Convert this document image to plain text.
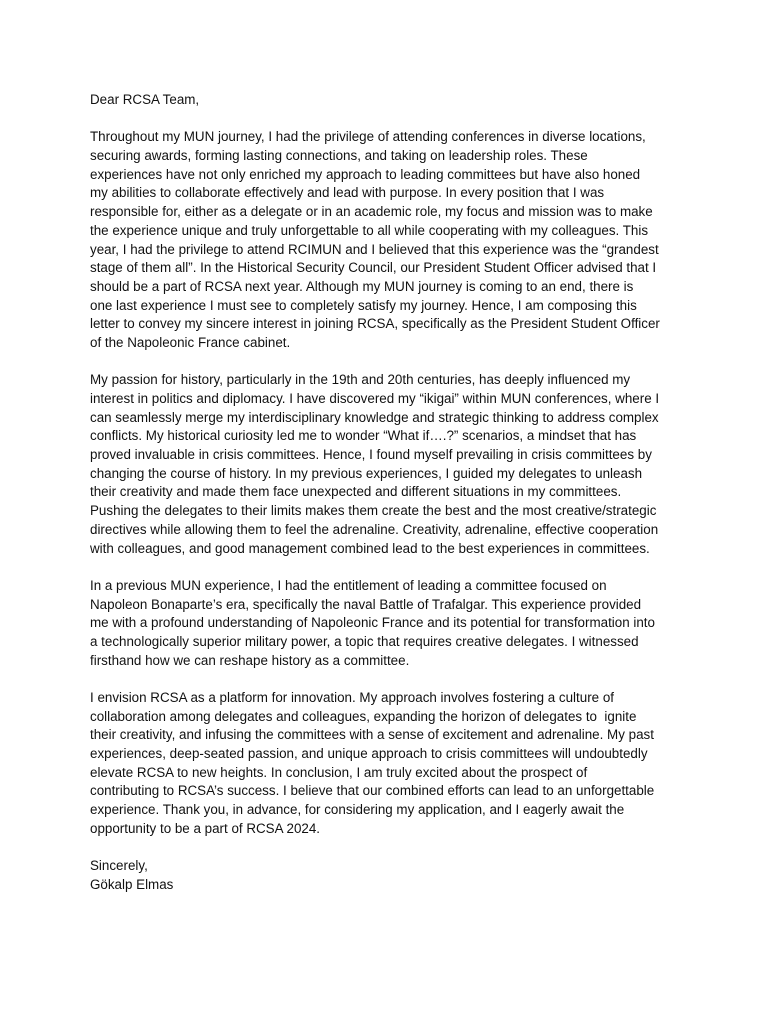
Dear RCSA Team,
Throughout my MUN journey, I had the privilege of attending conferences in diverse locations,
securing awards, forming lasting connections, and taking on leadership roles. These
experiences have not only enriched my approach to leading committees but have also honed
my abilities to collaborate effectively and lead with purpose. In every position that I was
responsible for, either as a delegate or in an academic role, my focus and mission was to make
the experience unique and truly unforgettable to all while cooperating with my colleagues. This
year, I had the privilege to attend RCIMUN and I believed that this experience was the “grandest
stage of them all”. In the Historical Security Council, our President Student Officer advised that I
should be a part of RCSA next year. Although my MUN journey is coming to an end, there is
one last experience I must see to completely satisfy my journey. Hence, I am composing this
letter to convey my sincere interest in joining RCSA, specifically as the President Student Officer
of the Napoleonic France cabinet.
My passion for history, particularly in the 19th and 20th centuries, has deeply influenced my
interest in politics and diplomacy. I have discovered my “ikigai” within MUN conferences, where I
can seamlessly merge my interdisciplinary knowledge and strategic thinking to address complex
conflicts. My historical curiosity led me to wonder “What if….?” scenarios, a mindset that has
proved invaluable in crisis committees. Hence, I found myself prevailing in crisis committees by
changing the course of history. In my previous experiences, I guided my delegates to unleash
their creativity and made them face unexpected and different situations in my committees.
Pushing the delegates to their limits makes them create the best and the most creative/strategic
directives while allowing them to feel the adrenaline. Creativity, adrenaline, effective cooperation
with colleagues, and good management combined lead to the best experiences in committees.
In a previous MUN experience, I had the entitlement of leading a committee focused on
Napoleon Bonaparte’s era, specifically the naval Battle of Trafalgar. This experience provided
me with a profound understanding of Napoleonic France and its potential for transformation into
a technologically superior military power, a topic that requires creative delegates. I witnessed
firsthand how we can reshape history as a committee.
I envision RCSA as a platform for innovation. My approach involves fostering a culture of
collaboration among delegates and colleagues, expanding the horizon of delegates to  ignite
their creativity, and infusing the committees with a sense of excitement and adrenaline. My past
experiences, deep-seated passion, and unique approach to crisis committees will undoubtedly
elevate RCSA to new heights. In conclusion, I am truly excited about the prospect of
contributing to RCSA’s success. I believe that our combined efforts can lead to an unforgettable
experience. Thank you, in advance, for considering my application, and I eagerly await the
opportunity to be a part of RCSA 2024.
Sincerely,
Gökalp Elmas
